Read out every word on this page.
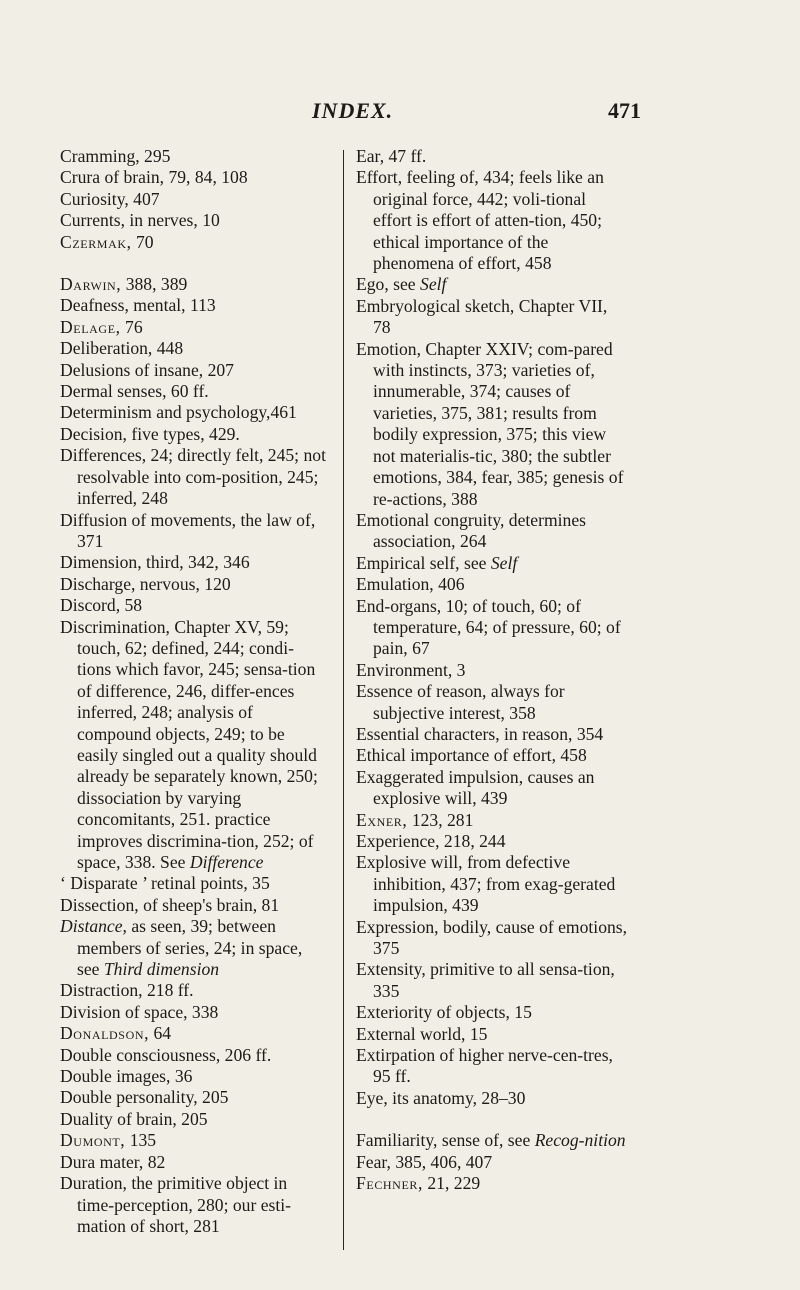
INDEX.	471

Cramming, 295

Crura of brain, 79, 84, 108

Curiosity, 407

Currents, in nerves, 10

Czermak, 70

Darwin, 388, 389

Deafness, mental, 113

Delage, 76

Deliberation, 448

Delusions of insane, 207

Dermal senses, 60 ff.

Determinism and psychology,461

Decision, five types, 429.

Differences, 24; directly felt, 245; not resolvable into com-position, 245; inferred, 248

Diffusion of movements, the law of, 371

Dimension, third, 342, 346

Discharge, nervous, 120

Discord, 58

Discrimination, Chapter XV, 59; touch, 62; defined, 244; condi-tions which favor, 245; sensa-tion of difference, 246, differ-ences inferred, 248; analysis of compound objects, 249; to be easily singled out a quality should already be separately known, 250; dissociation by varying concomitants, 251. practice improves discrimina-tion, 252; of space, 338. See Difference

‘ Disparate ’ retinal points, 35

Dissection, of sheep's brain, 81

Distance, as seen, 39; between members of series, 24; in space, see Third dimension

Distraction, 218 ff.

Division of space, 338

Donaldson, 64

Double consciousness, 206 ff.

Double images, 36

Double personality, 205

Duality of brain, 205

Dumont, 135

Dura mater, 82

Duration, the primitive object in time-perception, 280; our esti-mation of short, 281

Ear, 47 ff.

Effort, feeling of, 434; feels like an original force, 442; voli-tional effort is effort of atten-tion, 450; ethical importance of the phenomena of effort, 458

Ego, see Self

Embryological sketch, Chapter VII, 78

Emotion, Chapter XXIV; com-pared with instincts, 373; varieties of, innumerable, 374; causes of varieties, 375, 381; results from bodily expression, 375; this view not materialis-tic, 380; the subtler emotions, 384, fear, 385; genesis of re-actions, 388

Emotional congruity, determines association, 264

Empirical self, see Self

Emulation, 406

End-organs, 10; of touch, 60; of temperature, 64; of pressure, 60; of pain, 67

Environment, 3

Essence of reason, always for subjective interest, 358

Essential characters, in reason, 354

Ethical importance of effort, 458

Exaggerated impulsion, causes an explosive will, 439

Exner, 123, 281

Experience, 218, 244

Explosive will, from defective inhibition, 437; from exag-gerated impulsion, 439

Expression, bodily, cause of emotions, 375

Extensity, primitive to all sensa-tion, 335

Exteriority of objects, 15

External world, 15

Extirpation of higher nerve-cen-tres, 95 ff.

Eye, its anatomy, 28–30

Familiarity, sense of, see Recog-nition

Fear, 385, 406, 407

Fechner, 21, 229
